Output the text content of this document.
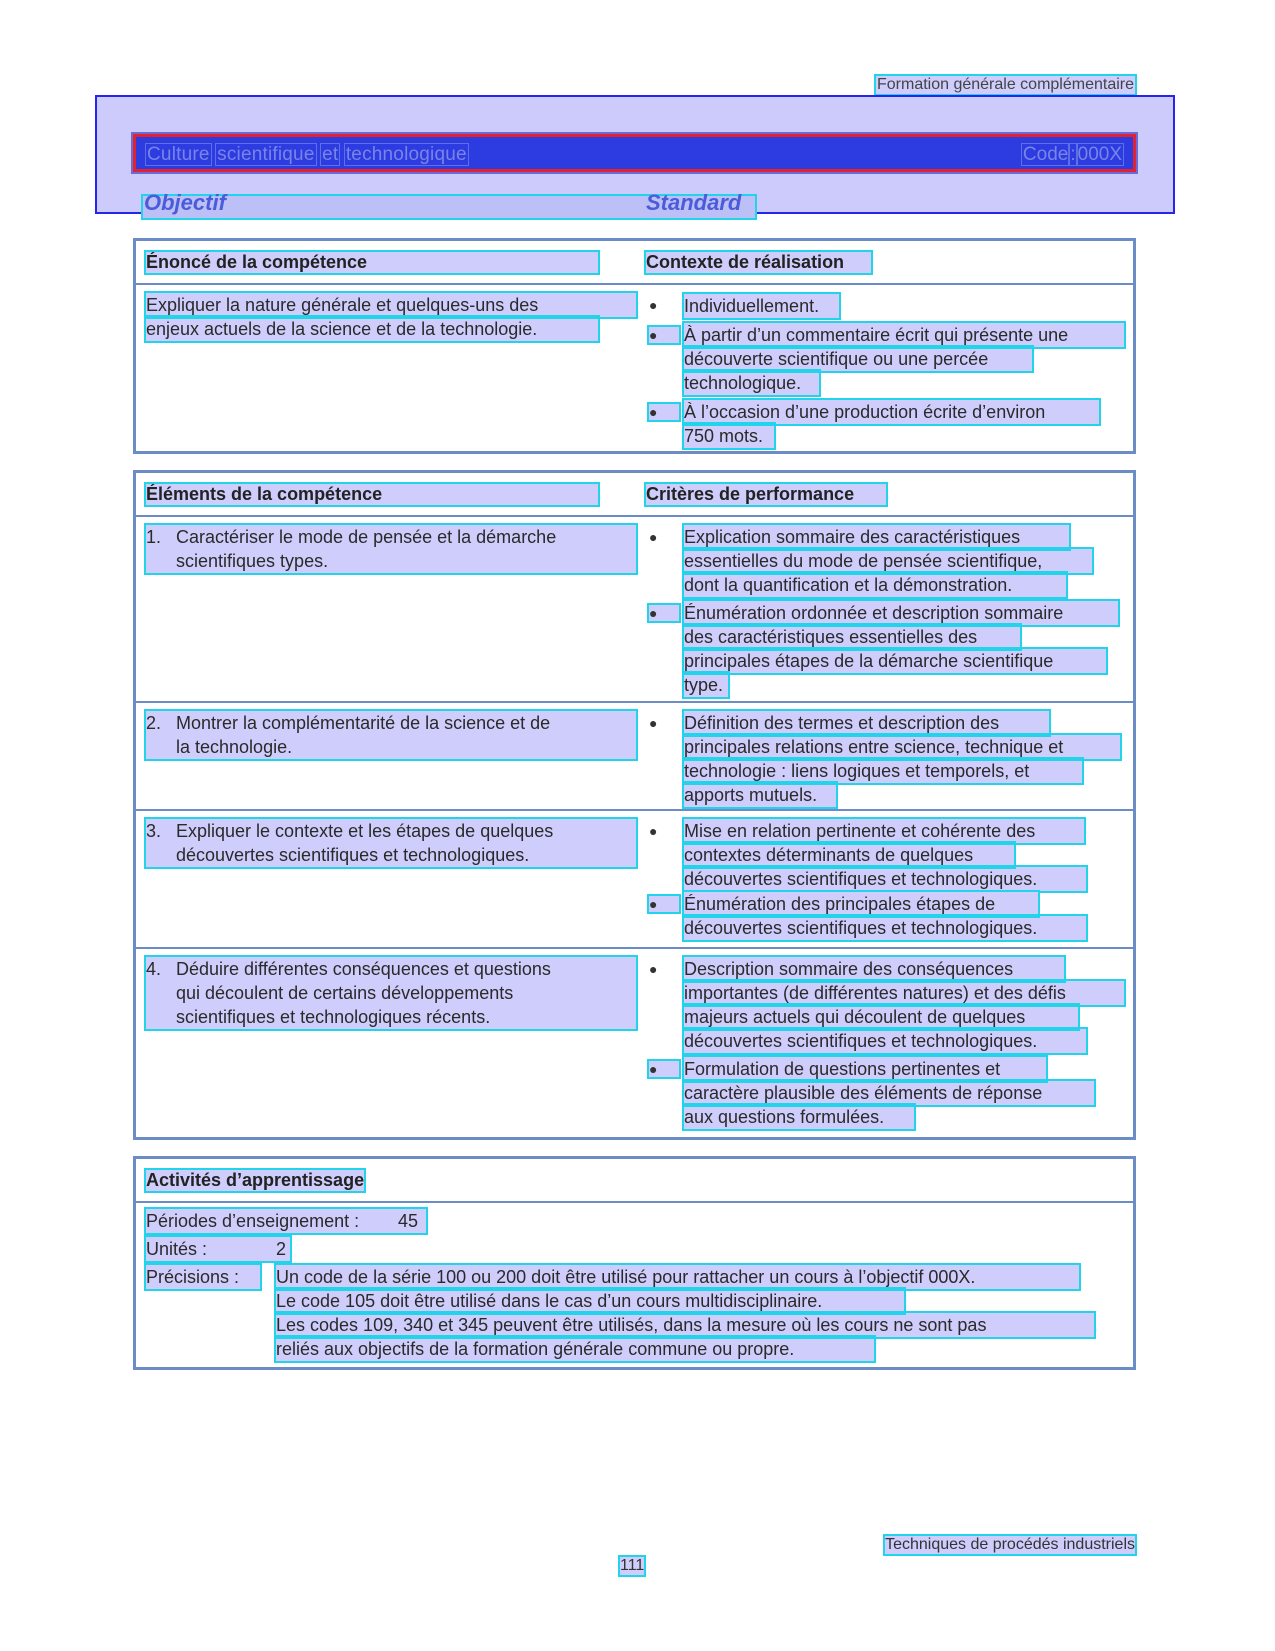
Formation générale complémentaire
Culture scientifique et technologique	Code : 000X
Objectif	Standard
Énoncé de la compétence	Contexte de réalisation
Expliquer la nature générale et quelques-uns des
enjeux actuels de la science et de la technologie.
● Individuellement.
●	À partir d’un commentaire écrit qui présente une
découverte scientifique ou une percée
technologique.
●	À l’occasion d’une production écrite d’environ
750 mots.
Éléments de la compétence	Critères de performance
1. Caractériser le mode de pensée et la démarche
scientifiques types.
● Explication sommaire des caractéristiques
essentielles du mode de pensée scientifique,
dont la quantification et la démonstration.
●	Énumération ordonnée et description sommaire
des caractéristiques essentielles des
principales étapes de la démarche scientifique
type.
2. Montrer la complémentarité de la science et de
la technologie.
● Définition des termes et description des
principales relations entre science, technique et
technologie : liens logiques et temporels, et
apports mutuels.
3. Expliquer le contexte et les étapes de quelques
découvertes scientifiques et technologiques.
● Mise en relation pertinente et cohérente des
contextes déterminants de quelques
découvertes scientifiques et technologiques.
●	Énumération des principales étapes de
découvertes scientifiques et technologiques.
4. Déduire différentes conséquences et questions
qui découlent de certains développements
scientifiques et technologiques récents.
● Description sommaire des conséquences
importantes (de différentes natures) et des défis
majeurs actuels qui découlent de quelques
découvertes scientifiques et technologiques.
●	Formulation de questions pertinentes et
caractère plausible des éléments de réponse
aux questions formulées.
Activités d’apprentissage
Périodes d’enseignement :	45
Unités :	2
Précisions :	Un code de la série 100 ou 200 doit être utilisé pour rattacher un cours à l’objectif 000X.
Le code 105 doit être utilisé dans le cas d’un cours multidisciplinaire.
Les codes 109, 340 et 345 peuvent être utilisés, dans la mesure où les cours ne sont pas
reliés aux objectifs de la formation générale commune ou propre.
Techniques de procédés industriels
111
